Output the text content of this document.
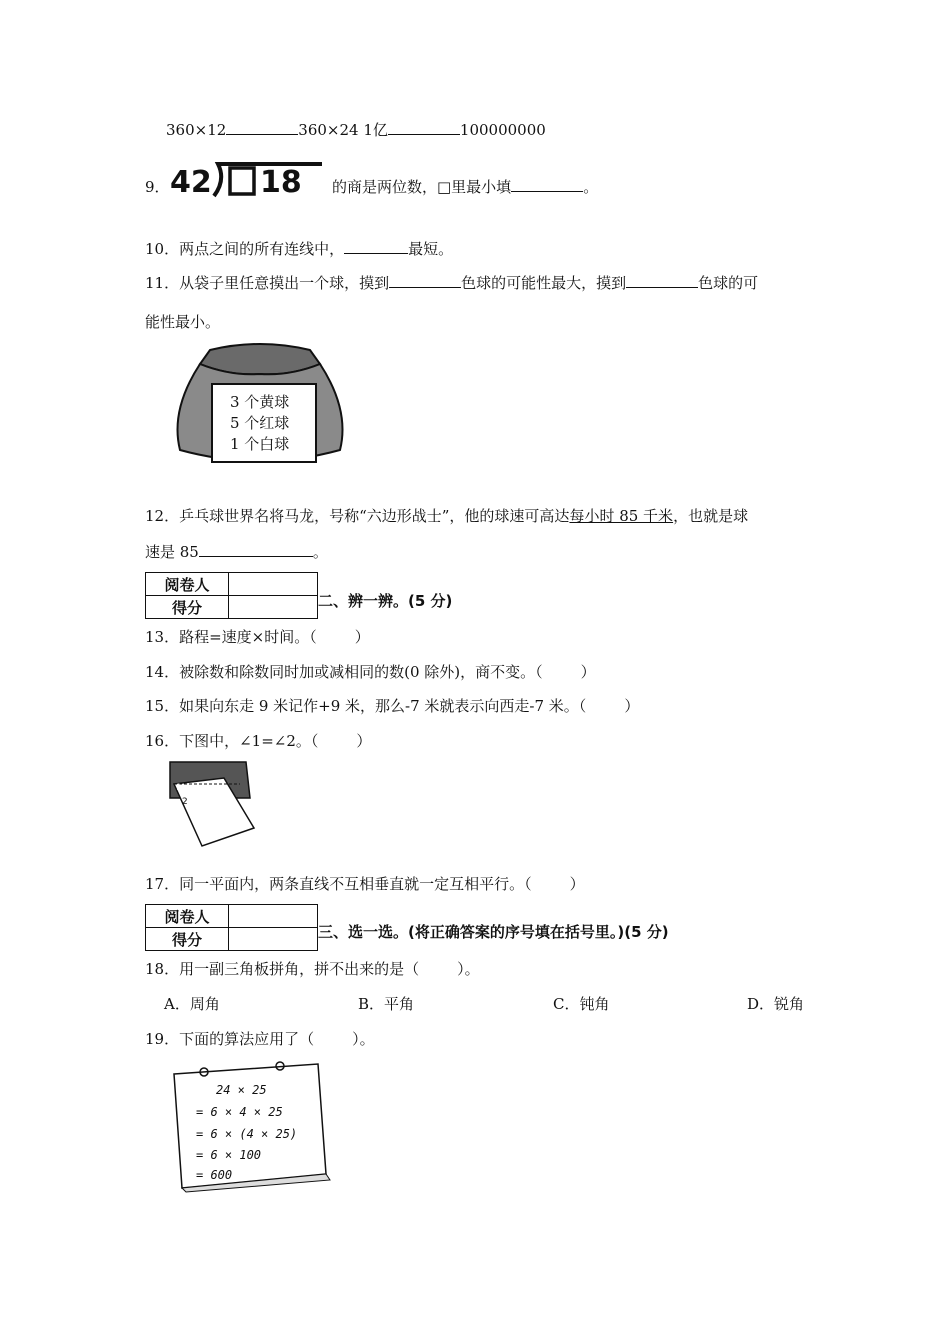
360×12	360×24 1亿	100000000
9． 42 18 的商是两位数，□里最小填	。
10．两点之间的所有连线中，	最短。
11．从袋子里任意摸出一个球，摸到	色球的可能性最大，摸到	色球的可
能性最小。
3 个黄球
5 个红球
1 个白球
12．乒乓球世界名将马龙，号称“六边形战士”，他的球速可高达每小时 85 千米，也就是球
速是 85	。
阅卷人	
得分		二、辨一辨。(5 分)
13．路程=速度×时间。（	）
14．被除数和除数同时加或减相同的数(0 除外)，商不变。（	）
15．如果向东走 9 米记作+9 米，那么-7 米就表示向西走-7 米。（	）
16．下图中，∠1=∠2。（	）
1
2
17．同一平面内，两条直线不互相垂直就一定互相平行。（	）
阅卷人	
得分		三、选一选。(将正确答案的序号填在括号里。)(5 分)
18．用一副三角板拼角，拼不出来的是（	）。
A．周角	B．平角	C．钝角	D．锐角
19．下面的算法应用了（	）。
24 × 25
= 6 × 4 × 25
= 6 × (4 × 25)
= 6 × 100
= 600
